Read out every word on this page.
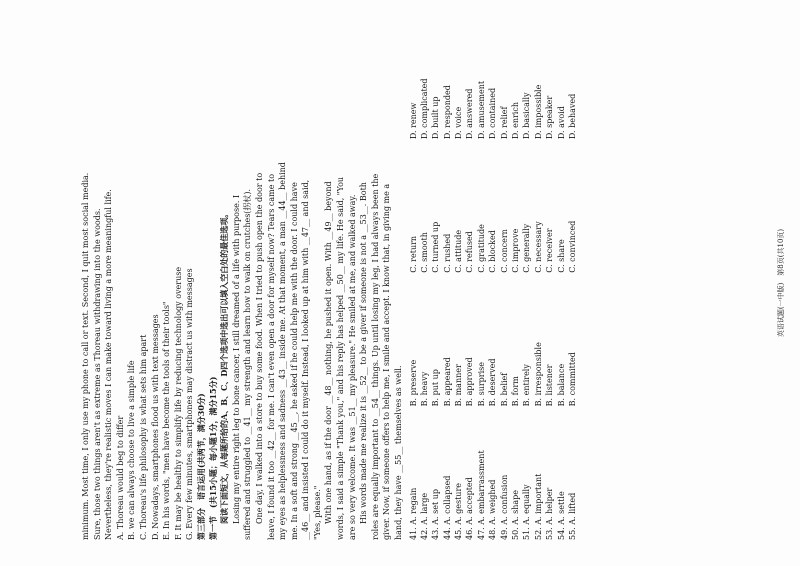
minimum. Most time, I only use my phone to call or text. Second, I quit most social media. Sure, those two things aren't as extreme as Thoreau withdrawing into the woods. Nevertheless, they're realistic moves I can make toward living a more meaningful life. A. Thoreau would beg to differ B. we can always choose to live a simple life C. Thoreau's life philosophy is what sets him apart D. Nowadays, smartphones flood us with text messages E. In his words, "men have become the tools of their tools" F. It may be healthy to simplify life by reducing technology overuse G. Every few minutes, smartphones may distract us with messages 第三部分　语言运用(共两节，满分30分) 第一节　(共15小题；每小题1分，满分15分) 阅读下面短文，从每题所给的A、B、C、D四个选项中选出可以填入空白处的最佳选项。 Losing my entire right leg to bone cancer, I still dreamed of a life with purpose. I suffered and struggled to __41__ my strength and learn how to walk on crutches(拐杖). One day, I walked into a store to buy some food. When I tried to push open the door to leave, I found it too __42__ for me. I can't even open a door for myself now? Tears came to my eyes as helplessness and sadness __43__ inside me. At that moment, a man __44__ behind me. In a soft and strong __45__, he asked if he could help me with the door. I could have __46__ and insisted I could do it myself. Instead, I looked up at him with __47__ and said, "Yes, please." With one hand, as if the door __48__ nothing, he pushed it open. With __49__ beyond words, I said a simple "Thank you," and his reply has helped __50__ my life. He said, "You are so very welcome. It was __51__ my pleasure." He smiled at me, and walked away. His words made me realize it is __52__ to be a giver if someone is not a __53__. Both roles are equally important to __54__ things. Up until losing my leg, I had always been the giver. Now, if someone offers to help me, I smile and accept. I know that, in giving me a hand, they have __55__ themselves as well. 41. A. regain
B. preserve
C. return
D. renew
42. A. large
B. heavy
C. smooth
D. complicated
43. A. set up
B. put up
C. turned up
D. built up
44. A. collapsed
B. appeared
C. rushed
D. responded
45. A. gesture
B. manner
C. attitude
D. voice
46. A. accepted
B. approved
C. refused
D. answered
47. A. embarrassment
B. surprise
C. gratitude
D. amusement
48. A. weighed
B. deserved
C. blocked
D. contained
49. A. confusion
B. belief
C. concern
D. relief
50. A. shape
B. form
C. improve
D. enrich
51. A. equally
B. entirely
C. generally
D. basically
52. A. important
B. irresponsible
C. necessary
D. impossible
53. A. helper
B. listener
C. receiver
D. speaker
54. A. settle
B. balance
C. share
D. avoid
55. A. lifted
B. committed
C. convinced
D. behaved
英语试题(一中版)　第8页(共10页)
